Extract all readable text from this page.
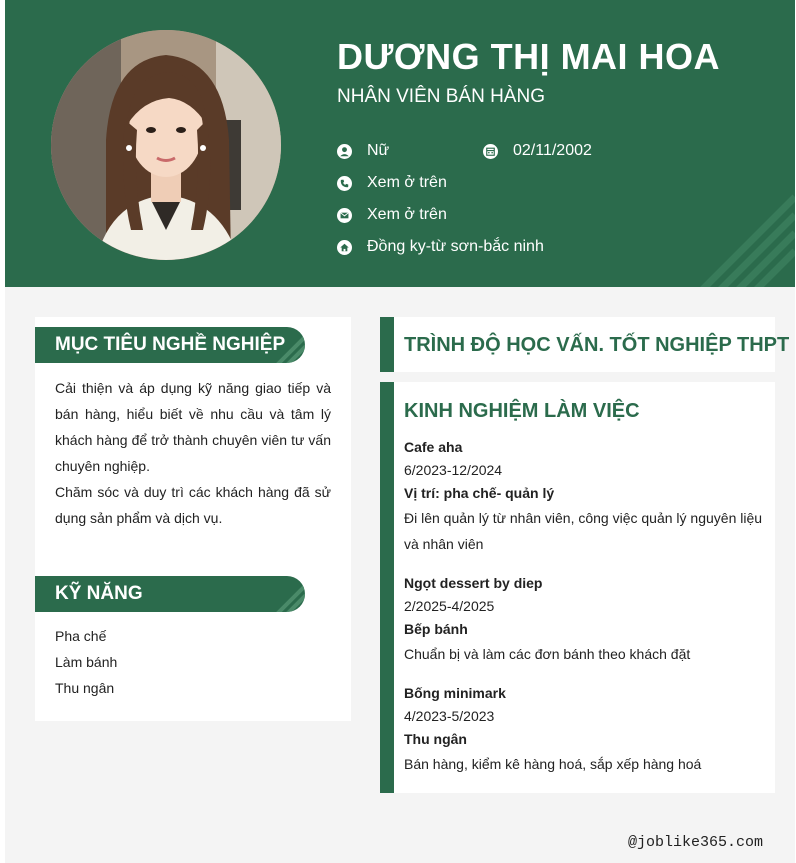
DƯƠNG THỊ MAI HOA

NHÂN VIÊN BÁN HÀNG

Nữ	02/11/2002
Xem ở trên
Xem ở trên
Đồng ky-từ sơn-bắc ninh
MỤC TIÊU NGHỀ NGHIỆP

Cải thiện và áp dụng kỹ năng giao tiếp và bán hàng, hiểu biết về nhu cầu và tâm lý khách hàng để trở thành chuyên viên tư vấn chuyên nghiệp.

Chăm sóc và duy trì các khách hàng đã sử dụng sản phẩm và dịch vụ.

KỸ NĂNG
Pha chế
Làm bánh
Thu ngân
TRÌNH ĐỘ HỌC VẤN. TỐT NGHIỆP THPT
KINH NGHIỆM LÀM VIỆC
Cafe aha
6/2023-12/2024
Vị trí: pha chế- quản lý
Đi lên quản lý từ nhân viên, công việc quản lý nguyên liệu và nhân viên
Ngọt dessert by diep
2/2025-4/2025
Bếp bánh
Chuẩn bị và làm các đơn bánh theo khách đặt
Bống minimark
4/2023-5/2023
Thu ngân
Bán hàng, kiểm kê hàng hoá, sắp xếp hàng hoá
@joblike365.com
